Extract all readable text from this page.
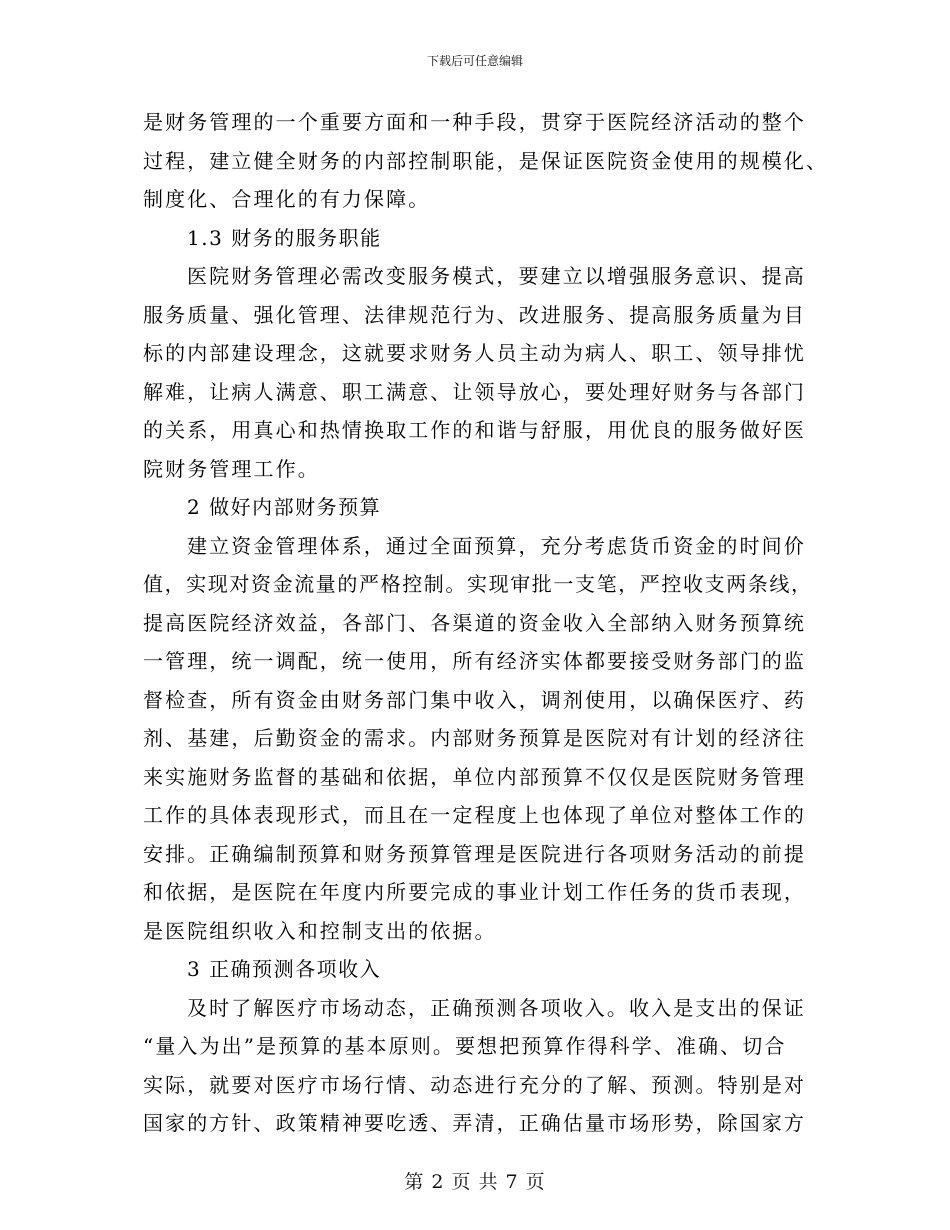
下载后可任意编辑
是财务管理的一个重要方面和一种手段，贯穿于医院经济活动的整个
过程，建立健全财务的内部控制职能，是保证医院资金使用的规模化、
制度化、合理化的有力保障。
1.3 财务的服务职能
医院财务管理必需改变服务模式，要建立以增强服务意识、提高
服务质量、强化管理、法律规范行为、改进服务、提高服务质量为目
标的内部建设理念，这就要求财务人员主动为病人、职工、领导排忧
解难，让病人满意、职工满意、让领导放心，要处理好财务与各部门
的关系，用真心和热情换取工作的和谐与舒服，用优良的服务做好医
院财务管理工作。
2 做好内部财务预算
建立资金管理体系，通过全面预算，充分考虑货币资金的时间价
值，实现对资金流量的严格控制。实现审批一支笔，严控收支两条线，
提高医院经济效益，各部门、各渠道的资金收入全部纳入财务预算统
一管理，统一调配，统一使用，所有经济实体都要接受财务部门的监
督检查，所有资金由财务部门集中收入，调剂使用，以确保医疗、药
剂、基建，后勤资金的需求。内部财务预算是医院对有计划的经济往
来实施财务监督的基础和依据，单位内部预算不仅仅是医院财务管理
工作的具体表现形式，而且在一定程度上也体现了单位对整体工作的
安排。正确编制预算和财务预算管理是医院进行各项财务活动的前提
和依据，是医院在年度内所要完成的事业计划工作任务的货币表现，
是医院组织收入和控制支出的依据。
3 正确预测各项收入
及时了解医疗市场动态，正确预测各项收入。收入是支出的保证
“量入为出”是预算的基本原则。要想把预算作得科学、准确、切合
实际，就要对医疗市场行情、动态进行充分的了解、预测。特别是对
国家的方针、政策精神要吃透、弄清，正确估量市场形势，除国家方
第 2 页 共 7 页
